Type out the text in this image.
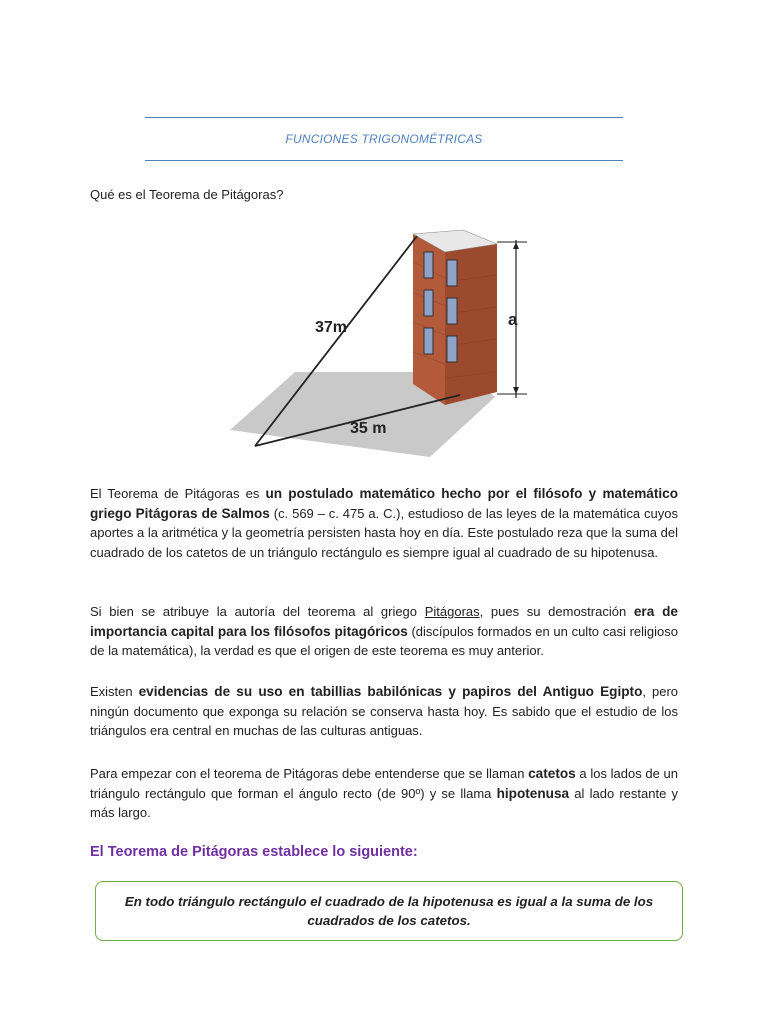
FUNCIONES TRIGONOMÉTRICAS
Qué es el Teorema de Pitágoras?
37m
35 m
a

El Teorema de Pitágoras es un postulado matemático hecho por el filósofo y matemático griego Pitágoras de Salmos (c. 569 – c. 475 a. C.), estudioso de las leyes de la matemática cuyos aportes a la aritmética y la geometría persisten hasta hoy en día. Este postulado reza que la suma del cuadrado de los catetos de un triángulo rectángulo es siempre igual al cuadrado de su hipotenusa.

Si bien se atribuye la autoría del teorema al griego Pitágoras, pues su demostración era de importancia capital para los filósofos pitagóricos (discípulos formados en un culto casi religioso de la matemática), la verdad es que el origen de este teorema es muy anterior.

Existen evidencias de su uso en tabillias babilónicas y papiros del Antiguo Egipto, pero ningún documento que exponga su relación se conserva hasta hoy. Es sabido que el estudio de los triángulos era central en muchas de las culturas antiguas.

Para empezar con el teorema de Pitágoras debe entenderse que se llaman catetos a los lados de un triángulo rectángulo que forman el ángulo recto (de 90º) y se llama hipotenusa al lado restante y más largo.

El Teorema de Pitágoras establece lo siguiente:
En todo triángulo rectángulo el cuadrado de la hipotenusa es igual a la suma de los cuadrados de los catetos.
